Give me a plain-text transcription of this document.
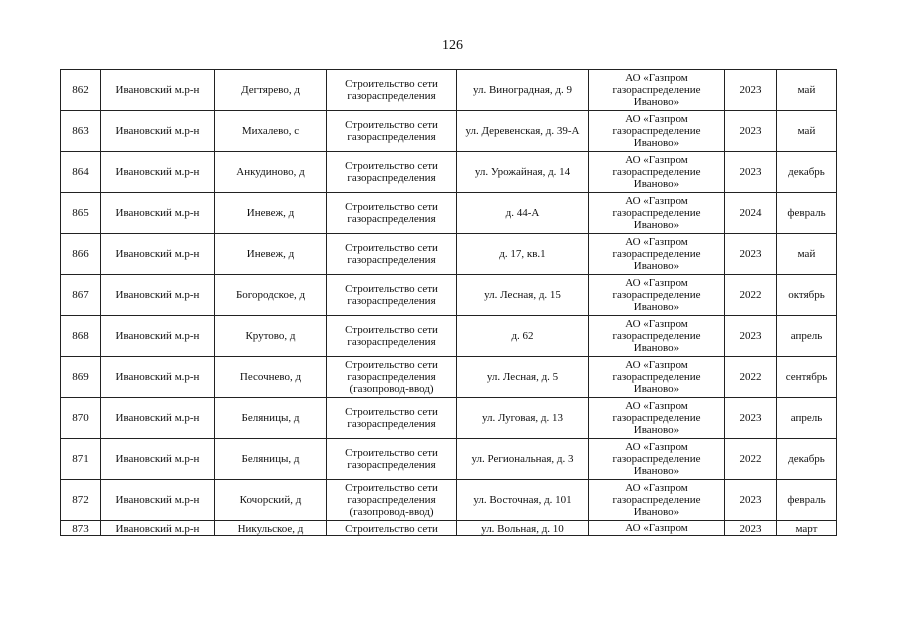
126
862	Ивановский м.р-н	Дегтярево, д	Строительство сети газораспределения	ул. Виноградная, д. 9	АО «Газпром газораспределение Иваново»	2023	май
863	Ивановский м.р-н	Михалево, с	Строительство сети газораспределения	ул. Деревенская, д. 39-А	АО «Газпром газораспределение Иваново»	2023	май
864	Ивановский м.р-н	Анкудиново, д	Строительство сети газораспределения	ул. Урожайная, д. 14	АО «Газпром газораспределение Иваново»	2023	декабрь
865	Ивановский м.р-н	Иневеж, д	Строительство сети газораспределения	д. 44-А	АО «Газпром газораспределение Иваново»	2024	февраль
866	Ивановский м.р-н	Иневеж, д	Строительство сети газораспределения	д. 17, кв.1	АО «Газпром газораспределение Иваново»	2023	май
867	Ивановский м.р-н	Богородское, д	Строительство сети газораспределения	ул. Лесная, д. 15	АО «Газпром газораспределение Иваново»	2022	октябрь
868	Ивановский м.р-н	Крутово, д	Строительство сети газораспределения	д. 62	АО «Газпром газораспределение Иваново»	2023	апрель
869	Ивановский м.р-н	Песочнево, д	Строительство сети газораспределения (газопровод-ввод)	ул. Лесная, д. 5	АО «Газпром газораспределение Иваново»	2022	сентябрь
870	Ивановский м.р-н	Беляницы, д	Строительство сети газораспределения	ул. Луговая, д. 13	АО «Газпром газораспределение Иваново»	2023	апрель
871	Ивановский м.р-н	Беляницы, д	Строительство сети газораспределения	ул. Региональная, д. 3	АО «Газпром газораспределение Иваново»	2022	декабрь
872	Ивановский м.р-н	Кочорский, д	Строительство сети газораспределения (газопровод-ввод)	ул. Восточная, д. 101	АО «Газпром газораспределение Иваново»	2023	февраль
873	Ивановский м.р-н	Никульское, д	Строительство сети	ул. Вольная, д. 10	АО «Газпром	2023	март
